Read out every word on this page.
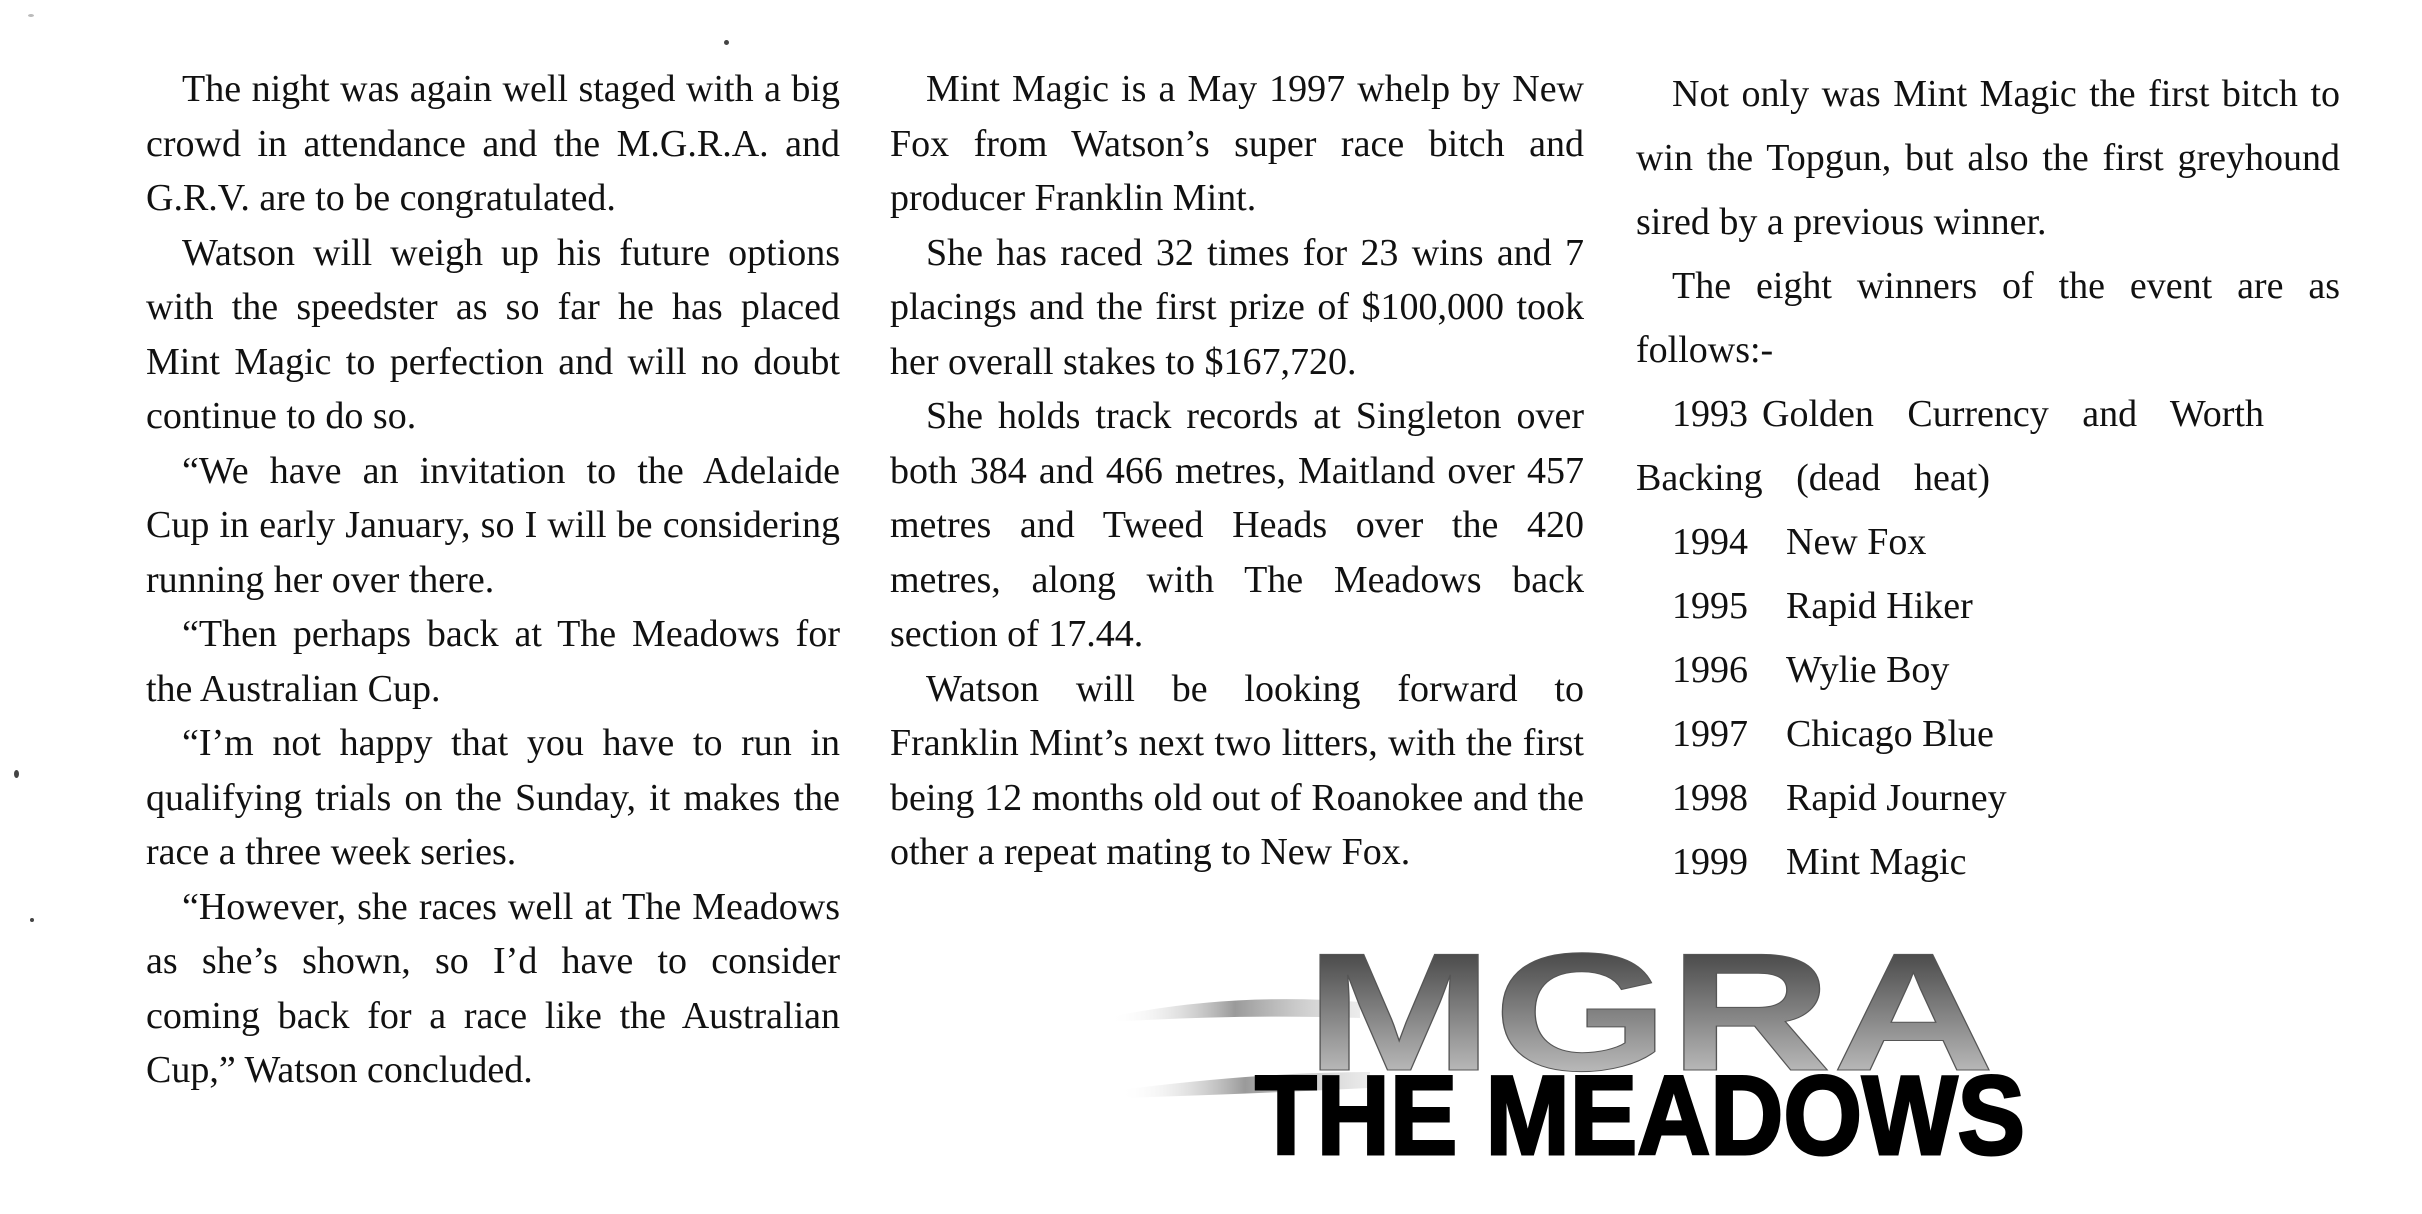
The night was again well staged with a big crowd in attendance and the M.G.R.A. and G.R.V. are to be congratulated.

Watson will weigh up his future options with the speedster as so far he has placed Mint Magic to perfection and will no doubt continue to do so.

“We have an invitation to the Adelaide Cup in early January, so I will be considering running her over there.

“Then perhaps back at The Meadows for the Australian Cup.

“I’m not happy that you have to run in qualifying trials on the Sunday, it makes the race a three week series.

“However, she races well at The Meadows as she’s shown, so I’d have to consider coming back for a race like the Australian Cup,” Watson concluded.

Mint Magic is a May 1997 whelp by New Fox from Watson’s super race bitch and producer Franklin Mint.

She has raced 32 times for 23 wins and 7 placings and the first prize of $100,000 took her overall stakes to $167,720.

She holds track records at Singleton over both 384 and 466 metres, Maitland over 457 metres and Tweed Heads over the 420 metres, along with The Meadows back section of 17.44.

Watson will be looking forward to Franklin Mint’s next two litters, with the first being 12 months old out of Roanokee and the other a repeat mating to New Fox.

Not only was Mint Magic the first bitch to win the Topgun, but also the first greyhound sired by a previous winner.

The eight winners of the event are as follows:-

1993 Golden Currency and Worth Backing (dead heat)
1994	New Fox
1995	Rapid Hiker
1996	Wylie Boy
1997	Chicago Blue
1998	Rapid Journey
1999	Mint Magic
MGRA
THE MEADOWS
